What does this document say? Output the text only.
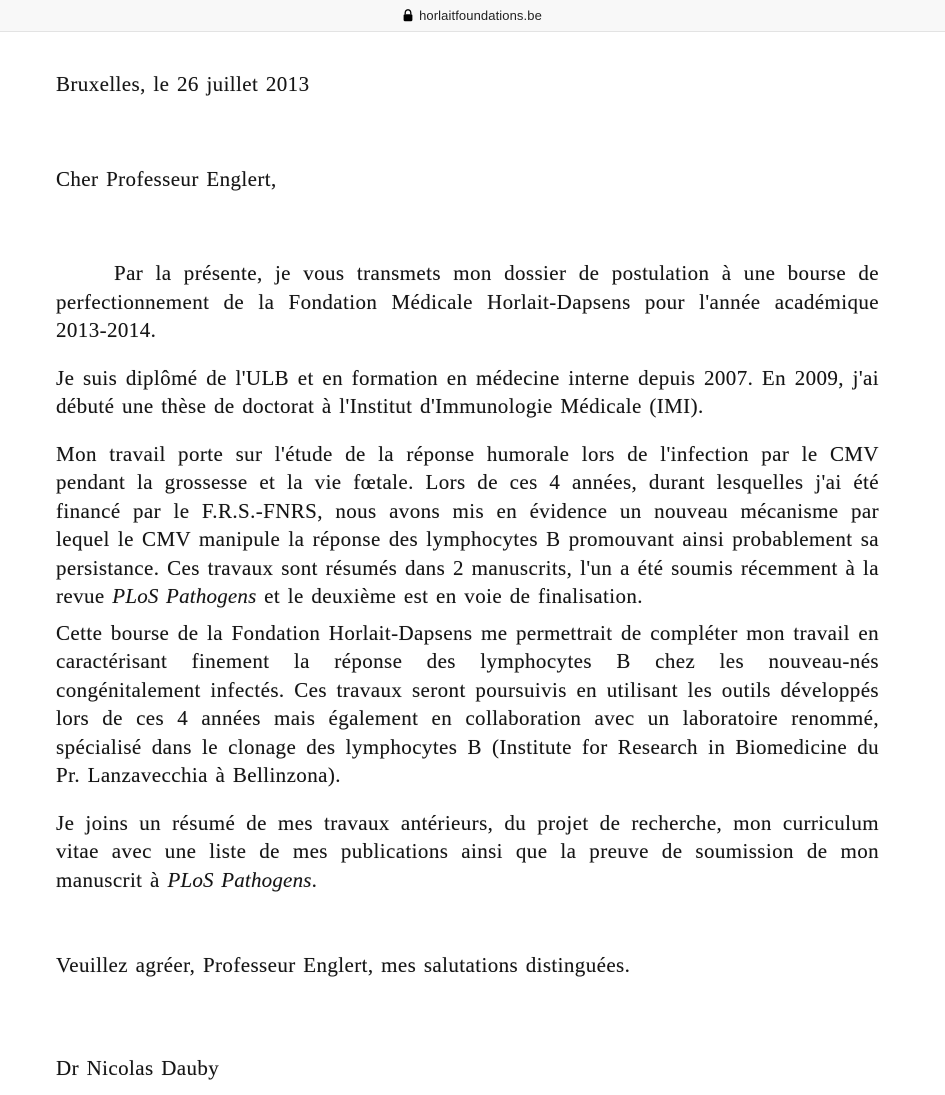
horlaitfoundations.be

Bruxelles, le 26 juillet 2013

Cher Professeur Englert,

Par la présente, je vous transmets mon dossier de postulation à une bourse de perfectionnement de la Fondation Médicale Horlait-Dapsens pour l'année académique 2013-2014.

Je suis diplômé de l'ULB et en formation en médecine interne depuis 2007. En 2009, j'ai débuté une thèse de doctorat à l'Institut d'Immunologie Médicale (IMI).

Mon travail porte sur l'étude de la réponse humorale lors de l'infection par le CMV pendant la grossesse et la vie fœtale. Lors de ces 4 années, durant lesquelles j'ai été financé par le F.R.S.-FNRS, nous avons mis en évidence un nouveau mécanisme par lequel le CMV manipule la réponse des lymphocytes B promouvant ainsi probablement sa persistance. Ces travaux sont résumés dans 2 manuscrits, l'un a été soumis récemment à la revue PLoS Pathogens et le deuxième est en voie de finalisation.

Cette bourse de la Fondation Horlait-Dapsens me permettrait de compléter mon travail en caractérisant finement la réponse des lymphocytes B chez les nouveau-nés congénitalement infectés. Ces travaux seront poursuivis en utilisant les outils développés lors de ces 4 années mais également en collaboration avec un laboratoire renommé, spécialisé dans le clonage des lymphocytes B (Institute for Research in Biomedicine du Pr. Lanzavecchia à Bellinzona).

Je joins un résumé de mes travaux antérieurs, du projet de recherche, mon curriculum vitae avec une liste de mes publications ainsi que la preuve de soumission de mon manuscrit à PLoS Pathogens.

Veuillez agréer, Professeur Englert, mes salutations distinguées.

Dr Nicolas Dauby
